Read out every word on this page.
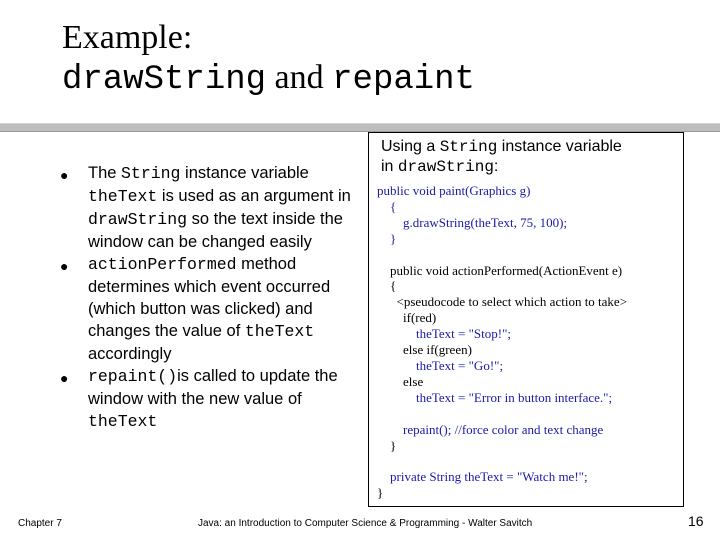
Example:
drawString and repaint
● The String instance variable theText is used as an argument in drawString so the text inside the window can be changed easily
● actionPerformed method determines which event occurred (which button was clicked) and changes the value of theText accordingly
● repaint()is called to update the window with the new value of theText
Using a String instance variable
in drawString:
public void paint(Graphics g)
{
g.drawString(theText, 75, 100);
}

public void actionPerformed(ActionEvent e)
{
<pseudocode to select which action to take>
if(red)
theText = "Stop!";
else if(green)
theText = "Go!";
else
theText = "Error in button interface.";

repaint(); //force color and text change
}

private String theText = "Watch me!";
}
Chapter 7	Java: an Introduction to Computer Science & Programming - Walter Savitch	16
